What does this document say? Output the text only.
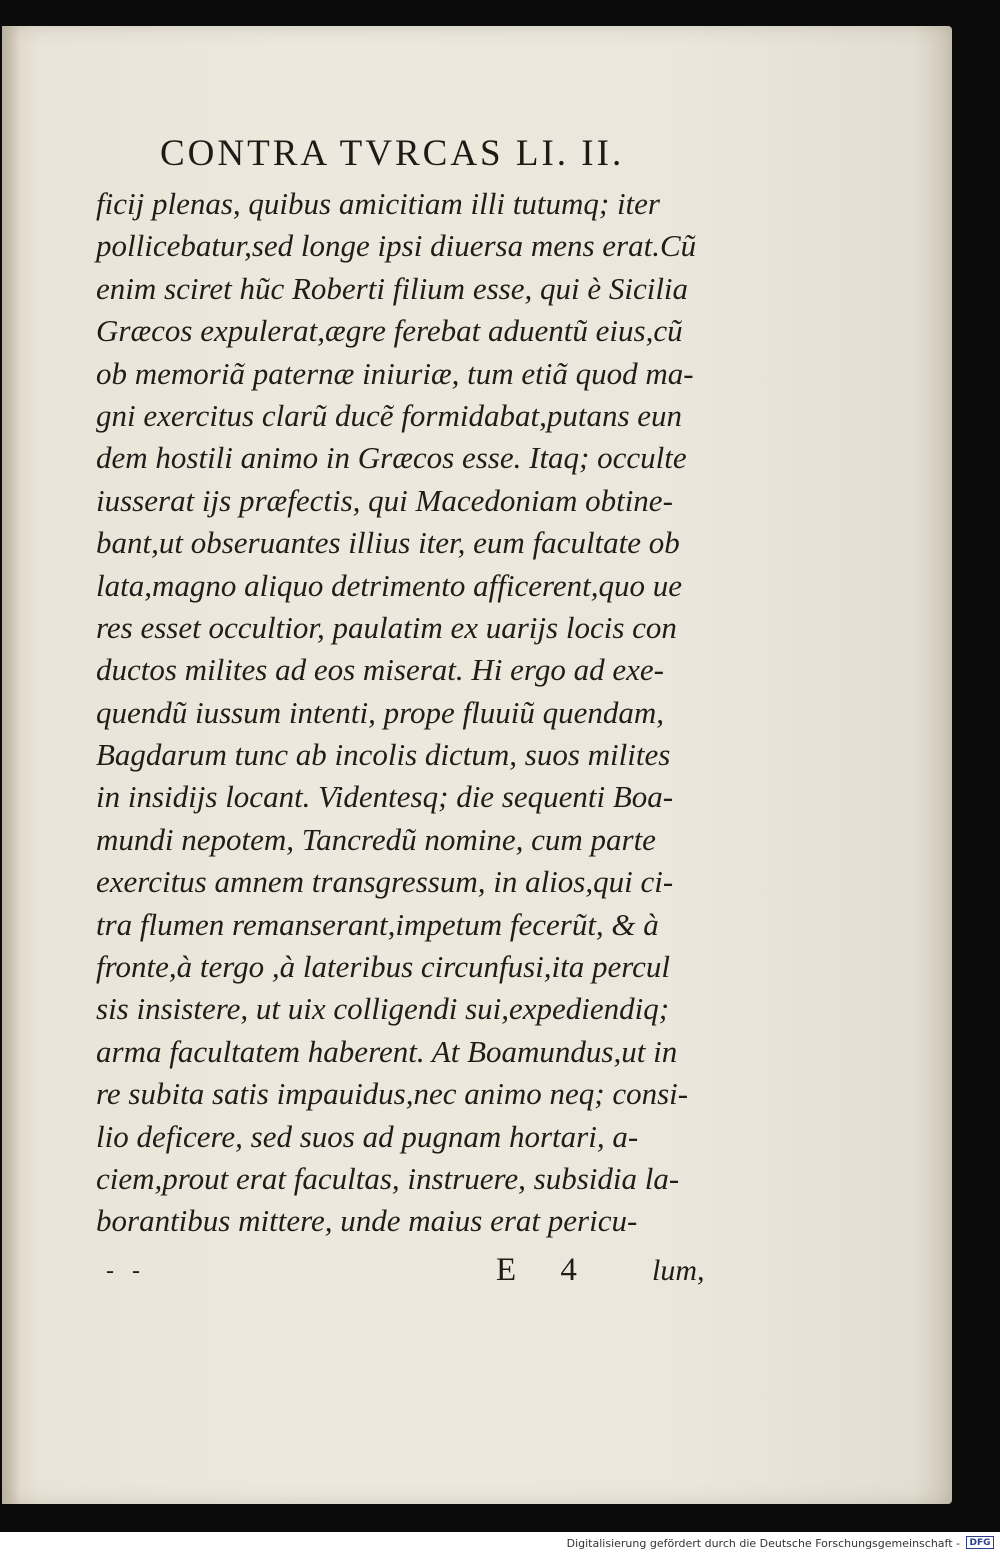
CONTRA TVRCAS LI. II.
ficij plenas, quibus amicitiam illi tutumq; iter
pollicebatur,sed longe ipsi diuersa mens erat.Cũ
enim sciret hũc Roberti filium esse, qui è Sicilia
Græcos expulerat,ægre ferebat aduentũ eius,cũ
ob memoriã paternæ iniuriæ, tum etiã quod ma-
gni exercitus clarũ ducẽ formidabat,putans eun
dem hostili animo in Græcos esse. Itaq; occulte
iusserat ijs præfectis, qui Macedoniam obtine-
bant,ut obseruantes illius iter, eum facultate ob
lata,magno aliquo detrimento afficerent,quo ue
res esset occultior, paulatim ex uarijs locis con
ductos milites ad eos miserat. Hi ergo ad exe-
quendũ iussum intenti, prope fluuiũ quendam,
Bagdarum tunc ab incolis dictum, suos milites
in insidijs locant. Videntesq; die sequenti Boa-
mundi nepotem, Tancredũ nomine, cum parte
exercitus amnem transgressum, in alios,qui ci-
tra flumen remanserant,impetum fecerũt, & à
fronte,à tergo ,à lateribus circunfusi,ita percul
sis insistere, ut uix colligendi sui,expediendiq;
arma facultatem haberent. At Boamundus,ut in
re subita satis impauidus,nec animo neq; consi-
lio deficere, sed suos ad pugnam hortari, a-
ciem,prout erat facultas, instruere, subsidia la-
borantibus mittere, unde maius erat pericu-
- -	E 4 lum,
Digitalisierung gefördert durch die Deutsche Forschungsgemeinschaft -	DFG
